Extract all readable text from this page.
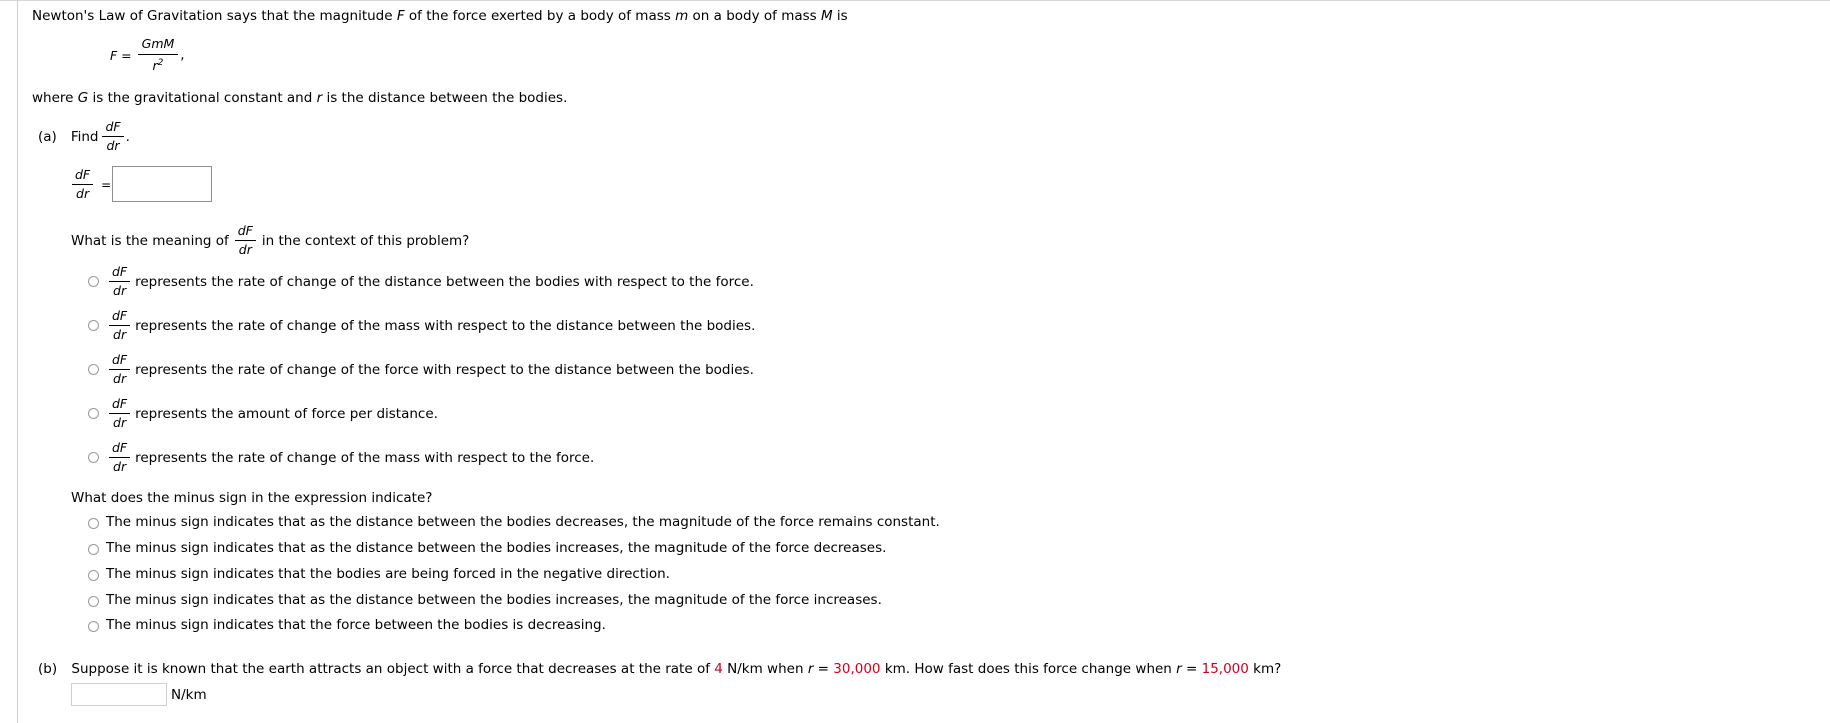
Newton's Law of Gravitation says that the magnitude F of the force exerted by a body of mass m on a body of mass M is
$F = \frac{\text{GmM}}{r^2}$ ,
where G is the gravitational constant and r is the distance between the bodies.
(a) Find $\frac{dF}{dr}$ .
$\frac{dF}{dr}$ =
What is the meaning of $\frac{dF}{dr}$ in the context of this problem?
$\frac{dF}{dr}$ represents the rate of change of the distance between the bodies with respect to the force.
$\frac{dF}{dr}$ represents the rate of change of the mass with respect to the distance between the bodies.
$\frac{dF}{dr}$ represents the rate of change of the force with respect to the distance between the bodies.
$\frac{dF}{dr}$ represents the amount of force per distance.
$\frac{dF}{dr}$ represents the rate of change of the mass with respect to the force.
What does the minus sign in the expression indicate?
The minus sign indicates that as the distance between the bodies decreases, the magnitude of the force remains constant.
The minus sign indicates that as the distance between the bodies increases, the magnitude of the force decreases.
The minus sign indicates that the bodies are being forced in the negative direction.
The minus sign indicates that as the distance between the bodies increases, the magnitude of the force increases.
The minus sign indicates that the force between the bodies is decreasing.
(b) Suppose it is known that the earth attracts an object with a force that decreases at the rate of 4 N/km when r = 30,000 km. How fast does this force change when r = 15,000 km?
N/km
